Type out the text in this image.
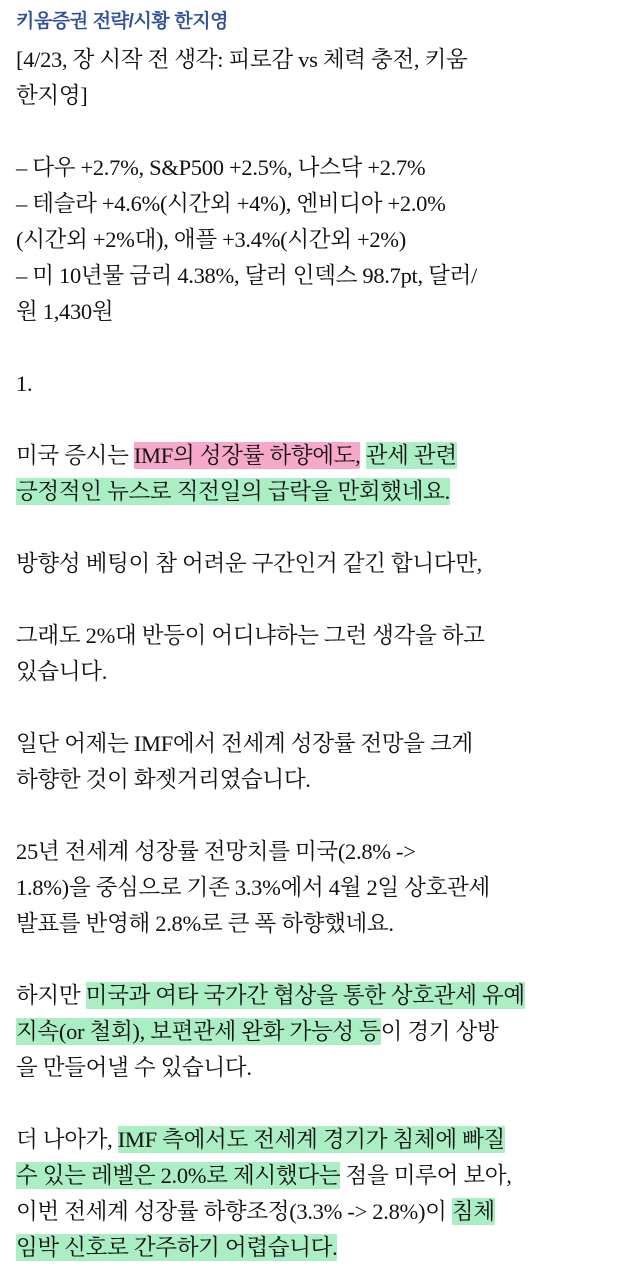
키움증권 전략/시황 한지영
[4/23, 장 시작 전 생각: 피로감 vs 체력 충전, 키움
한지영]
– 다우 +2.7%, S&P500 +2.5%, 나스닥 +2.7%
– 테슬라 +4.6%(시간외 +4%), 엔비디아 +2.0%
(시간외 +2%대), 애플 +3.4%(시간외 +2%)
– 미 10년물 금리 4.38%, 달러 인덱스 98.7pt, 달러/
원 1,430원
1.
미국 증시는 IMF의 성장률 하향에도, 관세 관련
긍정적인 뉴스로 직전일의 급락을 만회했네요.
방향성 베팅이 참 어려운 구간인거 같긴 합니다만,
그래도 2%대 반등이 어디냐하는 그런 생각을 하고
있습니다.
일단 어제는 IMF에서 전세계 성장률 전망을 크게
하향한 것이 화젯거리였습니다.
25년 전세계 성장률 전망치를 미국(2.8% ->
1.8%)을 중심으로 기존 3.3%에서 4월 2일 상호관세
발표를 반영해 2.8%로 큰 폭 하향했네요.
하지만 미국과 여타 국가간 협상을 통한 상호관세 유예
지속(or 철회), 보편관세 완화 가능성 등이 경기 상방
을 만들어낼 수 있습니다.
더 나아가, IMF 측에서도 전세계 경기가 침체에 빠질
수 있는 레벨은 2.0%로 제시했다는 점을 미루어 보아,
이번 전세계 성장률 하향조정(3.3% -> 2.8%)이 침체
임박 신호로 간주하기 어렵습니다.
